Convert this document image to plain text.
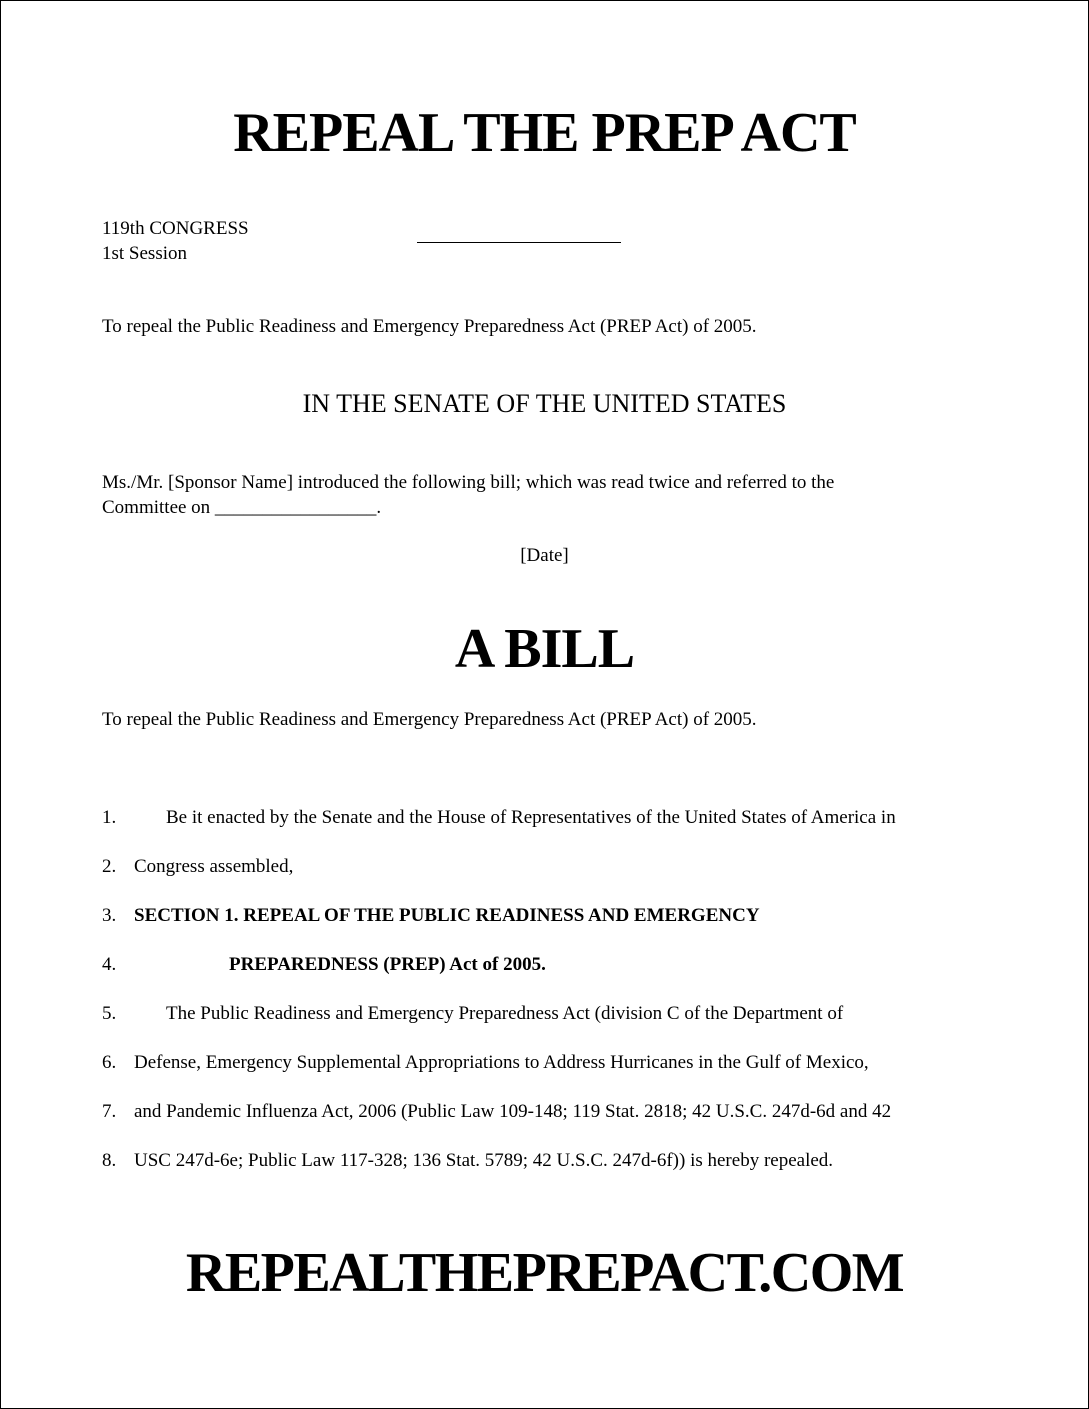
REPEAL THE PREP ACT
119th CONGRESS
1st Session
To repeal the Public Readiness and Emergency Preparedness Act (PREP Act) of 2005.
IN THE SENATE OF THE UNITED STATES
Ms./Mr. [Sponsor Name] introduced the following bill; which was read twice and referred to the
Committee on _________________.
[Date]
A BILL
To repeal the Public Readiness and Emergency Preparedness Act (PREP Act) of 2005.
1.	Be it enacted by the Senate and the House of Representatives of the United States of America in
2. Congress assembled,
3. SECTION 1. REPEAL OF THE PUBLIC READINESS AND EMERGENCY
4.	PREPAREDNESS (PREP) Act of 2005.
5.	The Public Readiness and Emergency Preparedness Act (division C of the Department of
6. Defense, Emergency Supplemental Appropriations to Address Hurricanes in the Gulf of Mexico,
7. and Pandemic Influenza Act, 2006 (Public Law 109-148; 119 Stat. 2818; 42 U.S.C. 247d-6d and 42
8. USC 247d-6e; Public Law 117-328; 136 Stat. 5789; 42 U.S.C. 247d-6f)) is hereby repealed.
REPEALTHEPREPACT.COM
